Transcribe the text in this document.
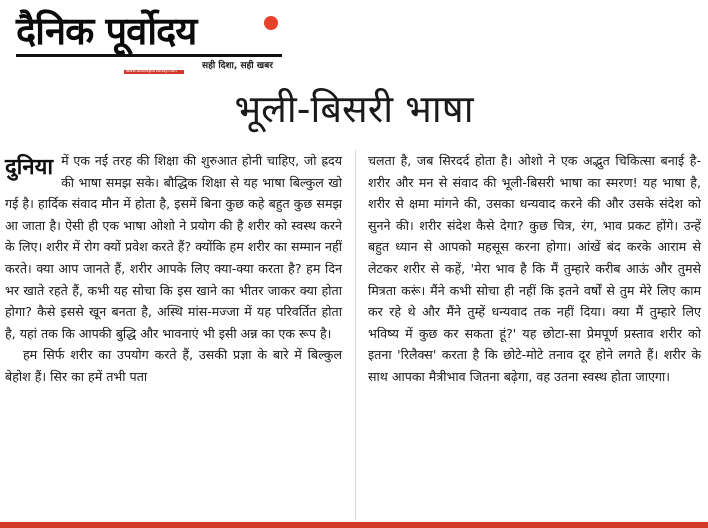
दैनिक पूर्वोदय
www.dainikpurvoday.com	सही दिशा, सही खबर
भूली-बिसरी भाषा

दुनिया में एक नई तरह की शिक्षा की शुरुआत होनी चाहिए, जो ह्रदय की भाषा समझ सके। बौद्धिक शिक्षा से यह भाषा बिल्कुल खो गई है। हार्दिक संवाद मौन में होता है, इसमें बिना कुछ कहे बहुत कुछ समझ आ जाता है। ऐसी ही एक भाषा ओशो ने प्रयोग की है शरीर को स्वस्थ करने के लिए। शरीर में रोग क्यों प्रवेश करते हैं? क्योंकि हम शरीर का सम्मान नहीं करते। क्या आप जानते हैं, शरीर आपके लिए क्या-क्या करता है? हम दिन भर खाते रहते हैं, कभी यह सोचा कि इस खाने का भीतर जाकर क्या होता होगा? कैसे इससे खून बनता है, अस्थि मांस-मज्जा में यह परिवर्तित होता है, यहां तक कि आपकी बुद्धि और भावनाएं भी इसी अन्न का एक रूप है।

हम सिर्फ शरीर का उपयोग करते हैं, उसकी प्रज्ञा के बारे में बिल्कुल बेहोश हैं। सिर का हमें तभी पता

चलता है, जब सिरदर्द होता है। ओशो ने एक अद्भुत चिकित्सा बनाई है- शरीर और मन से संवाद की भूली-बिसरी भाषा का स्मरण! यह भाषा है, शरीर से क्षमा मांगने की, उसका धन्यवाद करने की और उसके संदेश को सुनने की। शरीर संदेश कैसे देगा? कुछ चित्र, रंग, भाव प्रकट होंगे। उन्हें बहुत ध्यान से आपको महसूस करना होगा। आंखें बंद करके आराम से लेटकर शरीर से कहें, 'मेरा भाव है कि मैं तुम्हारे करीब आऊं और तुमसे मित्रता करूं। मैंने कभी सोचा ही नहीं कि इतने वर्षों से तुम मेरे लिए काम कर रहे थे और मैंने तुम्हें धन्यवाद तक नहीं दिया। क्या मैं तुम्हारे लिए भविष्य में कुछ कर सकता हूं?' यह छोटा-सा प्रेमपूर्ण प्रस्ताव शरीर को इतना 'रिलैक्स' करता है कि छोटे-मोटे तनाव दूर होने लगते हैं। शरीर के साथ आपका मैत्रीभाव जितना बढ़ेगा, वह उतना स्वस्थ होता जाएगा।
